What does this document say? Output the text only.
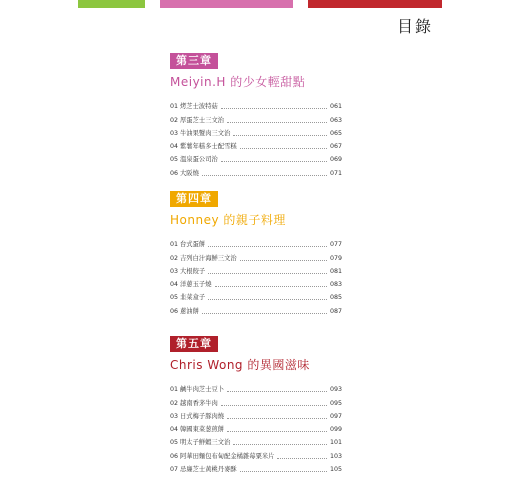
目錄
第三章
Meiyin.H 的少女輕甜點
01 烤芝士波特菇	061
02 厚蛋芝士三文治	063
03 牛油果蟹肉三文治	065
04 紫薯年糕多士配雪糕	067
05 溫泉蛋公司治	069
06 大阪燒	071
第四章
Honney 的親子料理
01 台式蛋餅	077
02 吉列白汁海鮮三文治	079
03 大根餃子	081
04 洋蔥玉子燒	083
05 韭菜盒子	085
06 蔥油餅	087
第五章
Chris Wong 的異國滋味
01 鹹牛肉芝士豆卜	093
02 越南香茅牛肉	095
03 日式梅子豚肉燒	097
04 韓國東菜葱煎餅	099
05 明太子鮮蝦三文治	101
06 阿華田麵包布甸配金橘雜莓粟米片	103
07 忌廉芝士黃桃丹麥酥	105
